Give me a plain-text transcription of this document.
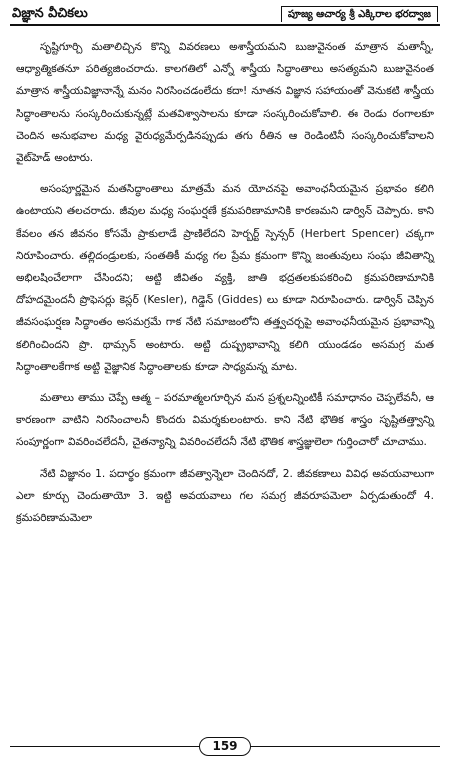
విజ్ఞాన వీచికలు	పూజ్య ఆచార్య శ్రీ ఎక్కిరాల భరద్వాజ

సృష్టిగూర్చి మతాలిచ్చిన కొన్ని వివరణలు అశాస్త్రీయమని బుజువైనంత మాత్రాన మతాన్నీ, ఆధ్యాత్మికతనూ పరిత్యజించరాదు. కాలగతిలో ఎన్నో శాస్త్రీయ సిద్ధాంతాలు అసత్యమని బుజువైనంత మాత్రాన శాస్త్రీయవిజ్ఞానాన్నే మనం నిరసించడంలేదు కదా! నూతన విజ్ఞాన సహాయంతో వెనుకటి శాస్త్రీయ సిద్ధాంతాలను సంస్కరించుకున్నట్లే మతవిశ్వాసాలను కూడా సంస్కరించుకోవాలి. ఈ రెండు రంగాలకూ చెందిన అనుభవాల మధ్య వైరుధ్యమేర్పడినప్పుడు తగు రీతిన ఆ రెండింటినీ సంస్కరించుకోవాలని వైట్‌హెడ్ అంటారు.

అసంపూర్ణమైన మతసిద్ధాంతాలు మాత్రమే మన యోచనపై అవాంఛనీయమైన ప్రభావం కలిగి ఉంటాయని తలచరాదు. జీవుల మధ్య సంఘర్షణే క్రమపరిణామానికి కారణమని డార్విన్ చెప్పారు. కాని కేవలం తన జీవనం కోసమే ప్రాకులాడే ప్రాణిలేదని హెర్బర్ట్ స్పెన్సర్ (Herbert Spencer) చక్కగా నిరూపించారు. తల్లిదండ్రులకు, సంతతికీ మధ్య గల ప్రేమ క్రమంగా కొన్ని జంతువులు సంఘ జీవితాన్ని అభిలషించేలాగా చేసిందని; అట్టి జీవితం వ్యక్తి, జాతి భద్రతలకుపకరించి క్రమపరిణామానికి దోహదమైందనీ ప్రొఫెసర్లు కెస్లర్ (Kesler), గిడ్డెన్ (Giddes) లు కూడా నిరూపించారు. డార్విన్ చెప్పిన జీవసంఘర్షణ సిద్ధాంతం అసమగ్రమే గాక నేటి సమాజంలోని తత్త్వచర్చపై అవాంఛనీయమైన ప్రభావాన్ని కలిగించిందని ప్రొ. థామ్సన్ అంటారు. అట్టి దుష్ప్రభావాన్ని కలిగి యుండడం అసమగ్ర మత సిద్ధాంతాలకేగాక అట్టి వైజ్ఞానిక సిద్ధాంతాలకు కూడా సాధ్యమన్న మాట.

మతాలు తాము చెప్పే ఆత్మ – పరమాత్మలగూర్చిన మన ప్రశ్నలన్నింటికీ సమాధానం చెప్పలేవనీ, ఆ కారణంగా వాటిని నిరసించాలనీ కొందరు విమర్శకులంటారు. కాని నేటి భౌతిక శాస్త్రం సృష్టితత్త్వాన్ని సంపూర్ణంగా వివరించలేదనీ, చైతన్యాన్ని వివరించలేదనీ నేటి భౌతిక శాస్త్రజ్ఞులెలా గుర్తించారో చూచాము.

నేటి విజ్ఞానం 1. పదార్థం క్రమంగా జీవత్వాన్నెలా చెందినదో, 2. జీవకణాలు వివిధ అవయవాలుగా ఎలా కూర్చు చెందుతాయో 3. ఇట్టి అవయవాలు గల సమగ్ర జీవరూపమెలా ఏర్పడుతుందో 4. క్రమపరిణామమెలా

159
